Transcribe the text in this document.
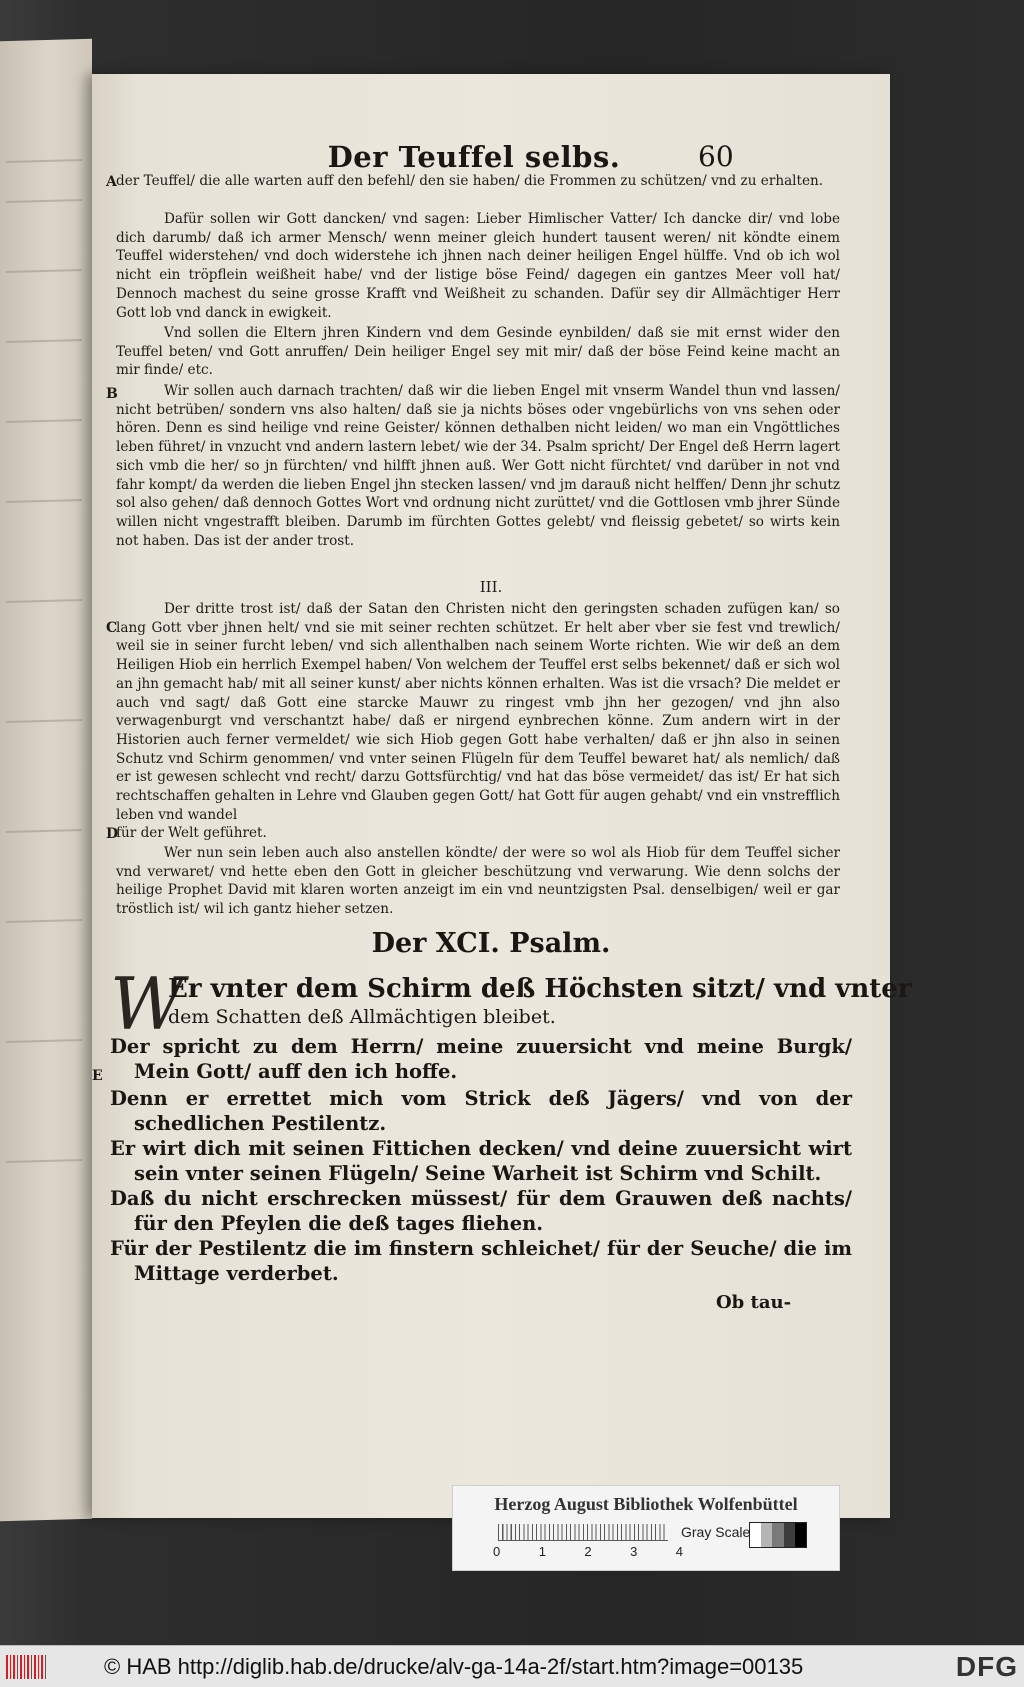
Der Teuffel selbs.	60
A der Teuffel/ die alle warten auff den befehl/ den sie haben/ die Frommen zu schützen/ vnd zu erhalten.

Dafür sollen wir Gott dancken/ vnd sagen: Lieber Himlischer Vatter/ Ich dancke dir/ vnd lobe dich darumb/ daß ich armer Mensch/ wenn meiner gleich hundert tausent weren/ nit köndte einem Teuffel widerstehen/ vnd doch widerstehe ich jhnen nach deiner heiligen Engel hülffe. Vnd ob ich wol nicht ein tröpflein weißheit habe/ vnd der listige böse Feind/ dagegen ein gantzes Meer voll hat/ Dennoch machest du seine grosse Krafft vnd Weißheit zu schanden. Dafür sey dir Allmächtiger Herr Gott lob vnd danck in ewigkeit.

Vnd sollen die Eltern jhren Kindern vnd dem Gesinde eynbilden/ daß sie mit ernst wider den Teuffel beten/ vnd Gott anruffen/ Dein heiliger Engel sey mit mir/ daß der böse Feind keine macht an mir finde/ etc.

B	Wir sollen auch darnach trachten/ daß wir die lieben Engel mit vnserm Wandel thun vnd lassen/ nicht betrüben/ sondern vns also halten/ daß sie ja nichts böses oder vngebürlichs von vns sehen oder hören. Denn es sind heilige vnd reine Geister/ können dethalben nicht leiden/ wo man ein Vngöttliches leben führet/ in vnzucht vnd andern lastern lebet/ wie der 34. Psalm spricht/ Der Engel deß Herrn lagert sich vmb die her/ so jn fürchten/ vnd hilfft jhnen auß. Wer Gott nicht fürchtet/ vnd darüber in not vnd fahr kompt/ da werden die lieben Engel jhn stecken lassen/ vnd jm darauß nicht helffen/ Denn jhr schutz sol also gehen/ daß dennoch Gottes Wort vnd ordnung nicht zurüttet/ vnd die Gottlosen vmb jhrer Sünde willen nicht vngestrafft bleiben. Darumb im fürchten Gottes gelebt/ vnd fleissig gebetet/ so wirts kein not haben. Das ist der ander trost.

III.
C

Der dritte trost ist/ daß der Satan den Christen nicht den geringsten schaden zufügen kan/ so lang Gott vber jhnen helt/ vnd sie mit seiner rechten schützet. Er helt aber vber sie fest vnd trewlich/ weil sie in seiner furcht leben/ vnd sich allenthalben nach seinem Worte richten. Wie wir deß an dem Heiligen Hiob ein herrlich Exempel haben/ Von welchem der Teuffel erst selbs bekennet/ daß er sich wol an jhn gemacht hab/ mit all seiner kunst/ aber nichts können erhalten. Was ist die vrsach? Die meldet er auch vnd sagt/ daß Gott eine starcke Mauwr zu ringest vmb jhn her gezogen/ vnd jhn also verwagenburgt vnd verschantzt habe/ daß er nirgend eynbrechen könne. Zum andern wirt in der Historien auch ferner vermeldet/ wie sich Hiob gegen Gott habe verhalten/ daß er jhn also in seinen Schutz vnd Schirm genommen/ vnd vnter seinen Flügeln für dem Teuffel bewaret hat/ als nemlich/ daß er ist gewesen schlecht vnd recht/ darzu Gottsfürchtig/ vnd hat das böse vermeidet/ das ist/ Er hat sich rechtschaffen gehalten in Lehre vnd Glauben gegen Gott/ hat Gott für augen gehabt/ vnd ein vnstrefflich leben vnd wandel

D

für der Welt geführet.

Wer nun sein leben auch also anstellen köndte/ der were so wol als Hiob für dem Teuffel sicher vnd verwaret/ vnd hette eben den Gott in gleicher beschützung vnd verwarung. Wie denn solchs der heilige Prophet David mit klaren worten anzeigt im ein vnd neuntzigsten Psal. denselbigen/ weil er gar tröstlich ist/ wil ich gantz hieher setzen.

Der XCI. Psalm.
W
Er vnter dem Schirm deß Höchsten sitzt/ vnd vnter
dem Schatten deß Allmächtigen bleibet.
E

Der spricht zu dem Herrn/ meine zuuersicht vnd meine Burgk/ Mein Gott/ auff den ich hoffe.

Denn er errettet mich vom Strick deß Jägers/ vnd von der schedlichen Pestilentz.

Er wirt dich mit seinen Fittichen decken/ vnd deine zuuersicht wirt sein vnter seinen Flügeln/ Seine Warheit ist Schirm vnd Schilt.

Daß du nicht erschrecken müssest/ für dem Grauwen deß nachts/ für den Pfeylen die deß tages fliehen.

Für der Pestilentz die im finstern schleichet/ für der Seuche/ die im Mittage verderbet.

Ob tau-
Herzog August Bibliothek Wolfenbüttel
0	1	2	3	4
Gray Scale
© HAB http://diglib.hab.de/drucke/alv-ga-14a-2f/start.htm?image=00135	DFG
